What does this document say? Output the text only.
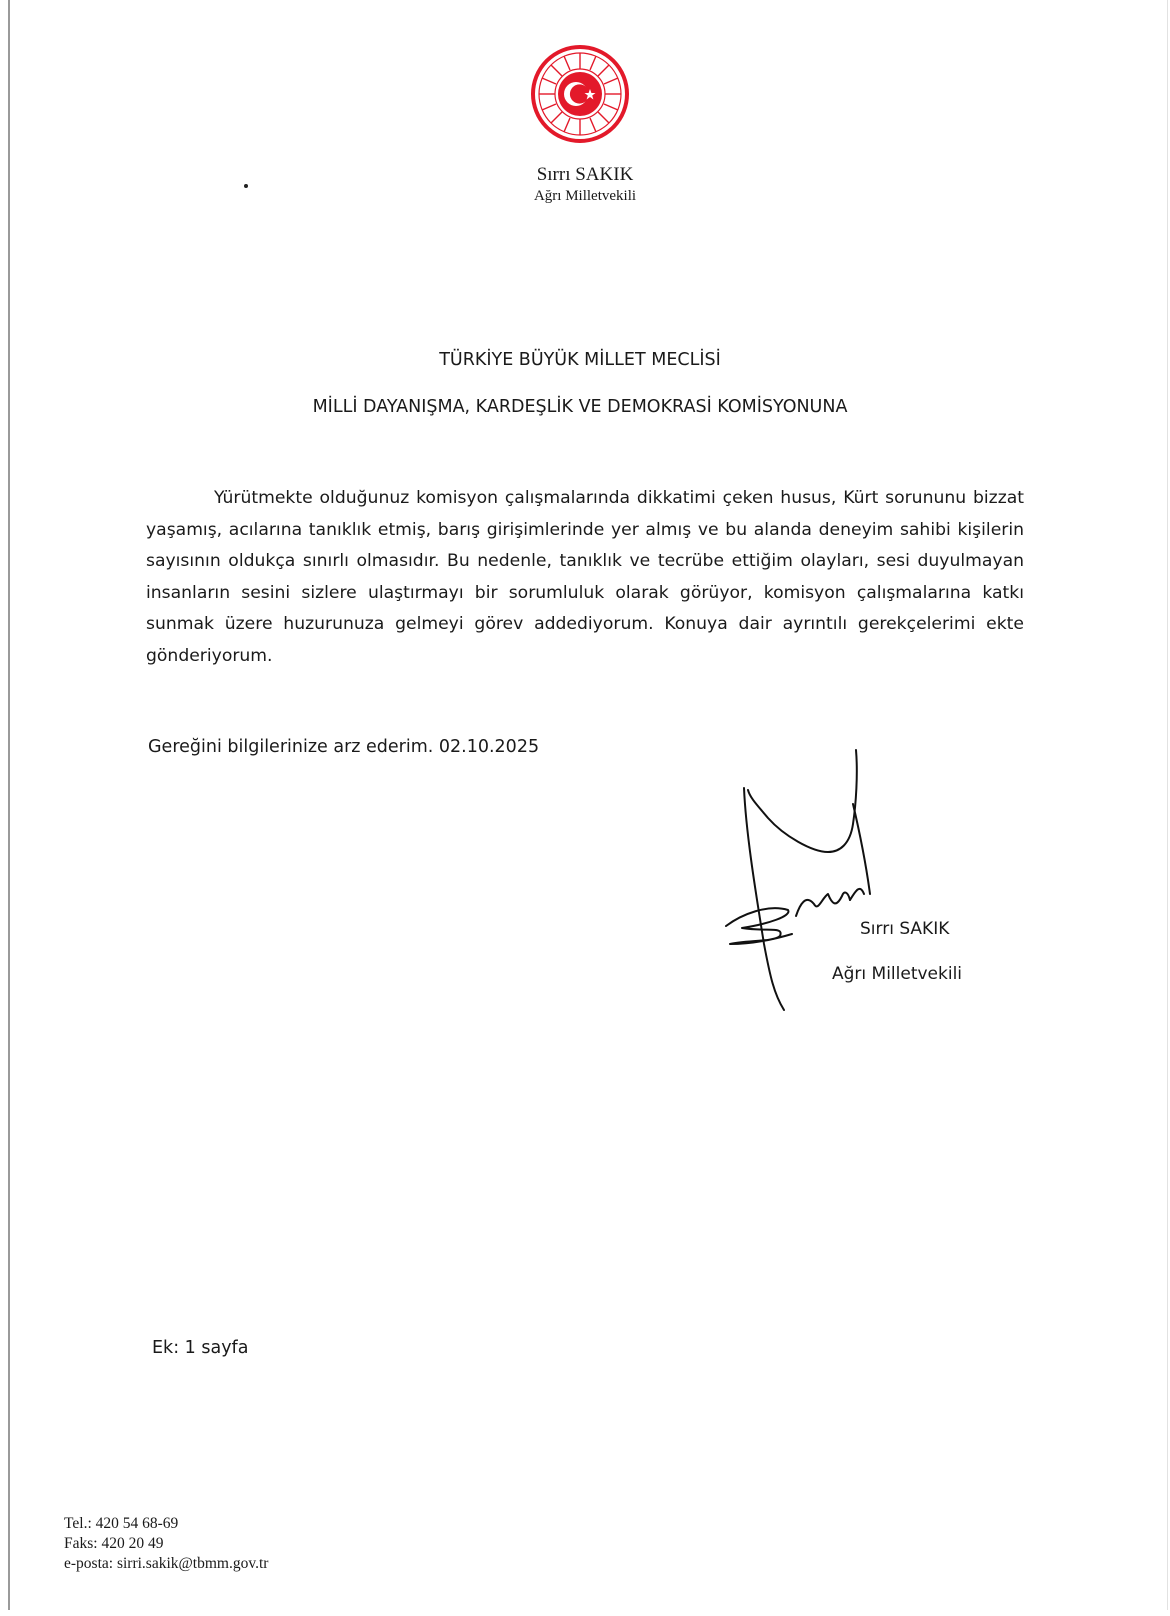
Sırrı SAKIK
Ağrı Milletvekili
TÜRKİYE BÜYÜK MİLLET MECLİSİ
MİLLİ DAYANIŞMA, KARDEŞLİK VE DEMOKRASİ KOMİSYONUNA
Yürütmekte olduğunuz komisyon çalışmalarında dikkatimi çeken husus, Kürt sorununu bizzat yaşamış, acılarına tanıklık etmiş, barış girişimlerinde yer almış ve bu alanda deneyim sahibi kişilerin sayısının oldukça sınırlı olmasıdır. Bu nedenle, tanıklık ve tecrübe ettiğim olayları, sesi duyulmayan insanların sesini sizlere ulaştırmayı bir sorumluluk olarak görüyor, komisyon çalışmalarına katkı sunmak üzere huzurunuza gelmeyi görev addediyorum. Konuya dair ayrıntılı gerekçelerimi ekte gönderiyorum.
Gereğini bilgilerinize arz ederim. 02.10.2025
Sırrı SAKIK
Ağrı Milletvekili
Ek: 1 sayfa
Tel.: 420 54 68-69
Faks: 420 20 49
e-posta: sirri.sakik@tbmm.gov.tr
